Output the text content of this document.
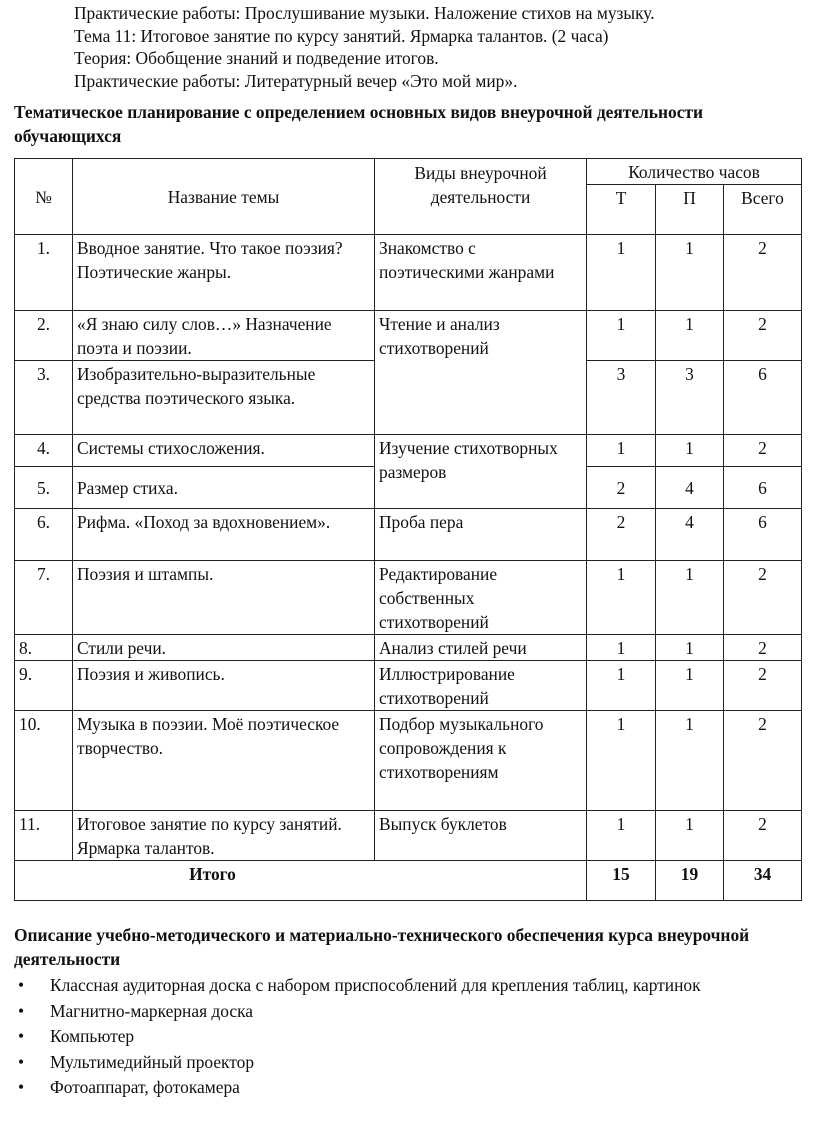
Практические работы: Прослушивание музыки. Наложение стихов на музыку.

Тема 11: Итоговое занятие по курсу занятий. Ярмарка талантов. (2 часа)

Теория: Обобщение знаний и подведение итогов.

Практические работы: Литературный вечер «Это мой мир».

Тематическое планирование с определением основных видов внеурочной деятельности обучающихся

№	Название темы	Виды внеурочной деятельности	Количество часов		
			Т	П	Всего
1.	Вводное занятие. Что такое поэзия? Поэтические жанры.	Знакомство с поэтическими жанрами	1	1	2
2.	«Я знаю силу слов…» Назначение поэта и поэзии.	Чтение и анализ стихотворений	1	1	2
3.	Изобразительно-выразительные средства поэтического языка.		3	3	6
4.	Системы стихосложения.	Изучение стихотворных размеров	1	1	2
5.	Размер стиха.		2	4	6
6.	Рифма. «Поход за вдохновением».	Проба пера	2	4	6
7.	Поэзия и штампы.	Редактирование собственных стихотворений	1	1	2
8.	Стили речи.	Анализ стилей речи	1	1	2
9.	Поэзия и живопись.	Иллюстрирование стихотворений	1	1	2
10.	Музыка в поэзии. Моё поэтическое творчество.	Подбор музыкального сопровождения к стихотворениям	1	1	2
11.	Итоговое занятие по курсу занятий. Ярмарка талантов.	Выпуск буклетов	1	1	2
Итого			15	19	34

Описание учебно-методического и материально-технического обеспечения курса внеурочной деятельности

• Классная аудиторная доска с набором приспособлений для крепления таблиц, картинок
• Магнитно-маркерная доска
• Компьютер
• Мультимедийный проектор
• Фотоаппарат, фотокамера
